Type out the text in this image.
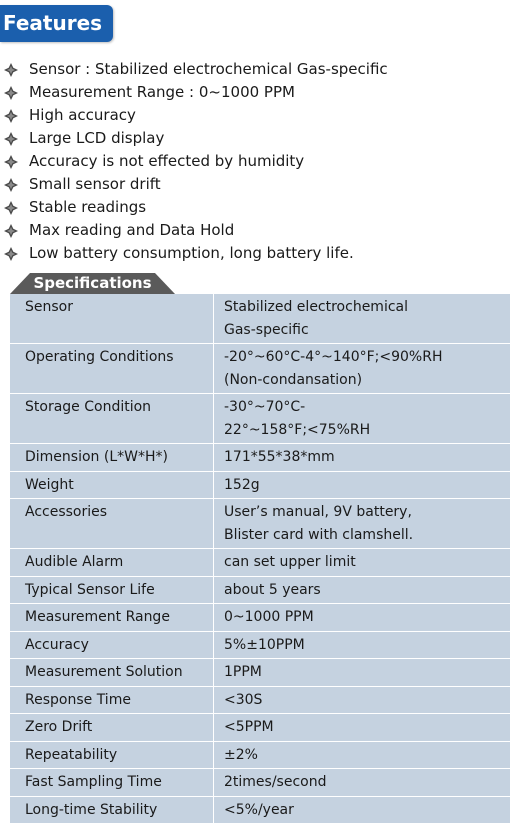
Features
Sensor : Stabilized electrochemical Gas-specific
Measurement Range : 0~1000 PPM
High accuracy
Large LCD display
Accuracy is not effected by humidity
Small sensor drift
Stable readings
Max reading and Data Hold
Low battery consumption, long battery life.
Specifications
Sensor	Stabilized electrochemical
Gas-specific

Operating Conditions	-20°~60°C-4°~140°F;<90%RH
(Non-condansation)

Storage Condition	-30°~70°C-
22°~158°F;<75%RH

Dimension (L*W*H*)	171*55*38*mm

Weight	152g

Accessories	User’s manual, 9V battery,
Blister card with clamshell.

Audible Alarm	can set upper limit

Typical Sensor Life	about 5 years

Measurement Range	0~1000 PPM

Accuracy	5%±10PPM

Measurement Solution	1PPM

Response Time	<30S

Zero Drift	<5PPM

Repeatability	±2%

Fast Sampling Time	2times/second

Long-time Stability	<5%/year
